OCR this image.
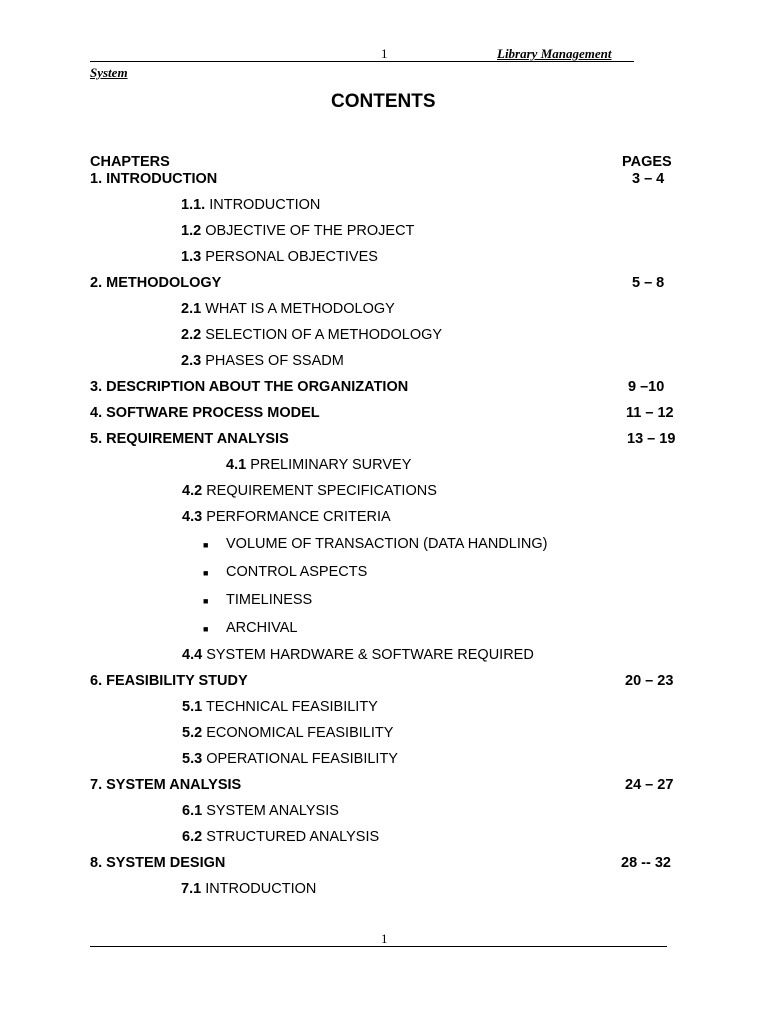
1	Library Management
System
CONTENTS
CHAPTERS	PAGES
1. INTRODUCTION	3 – 4
1.1. INTRODUCTION
1.2 OBJECTIVE OF THE PROJECT
1.3 PERSONAL OBJECTIVES
2. METHODOLOGY	5 – 8
2.1 WHAT IS A METHODOLOGY
2.2 SELECTION OF A METHODOLOGY
2.3 PHASES OF SSADM
3. DESCRIPTION ABOUT THE ORGANIZATION	9 –10
4. SOFTWARE PROCESS MODEL	11 – 12
5. REQUIREMENT ANALYSIS	13 – 19
4.1 PRELIMINARY SURVEY
4.2 REQUIREMENT SPECIFICATIONS
4.3 PERFORMANCE CRITERIA
■ VOLUME OF TRANSACTION (DATA HANDLING)
■ CONTROL ASPECTS
■ TIMELINESS
■ ARCHIVAL
4.4 SYSTEM HARDWARE & SOFTWARE REQUIRED
6. FEASIBILITY STUDY	20 – 23
5.1 TECHNICAL FEASIBILITY
5.2 ECONOMICAL FEASIBILITY
5.3 OPERATIONAL FEASIBILITY
7. SYSTEM ANALYSIS	24 – 27
6.1 SYSTEM ANALYSIS
6.2 STRUCTURED ANALYSIS
8. SYSTEM DESIGN	28 -- 32
7.1 INTRODUCTION
1
